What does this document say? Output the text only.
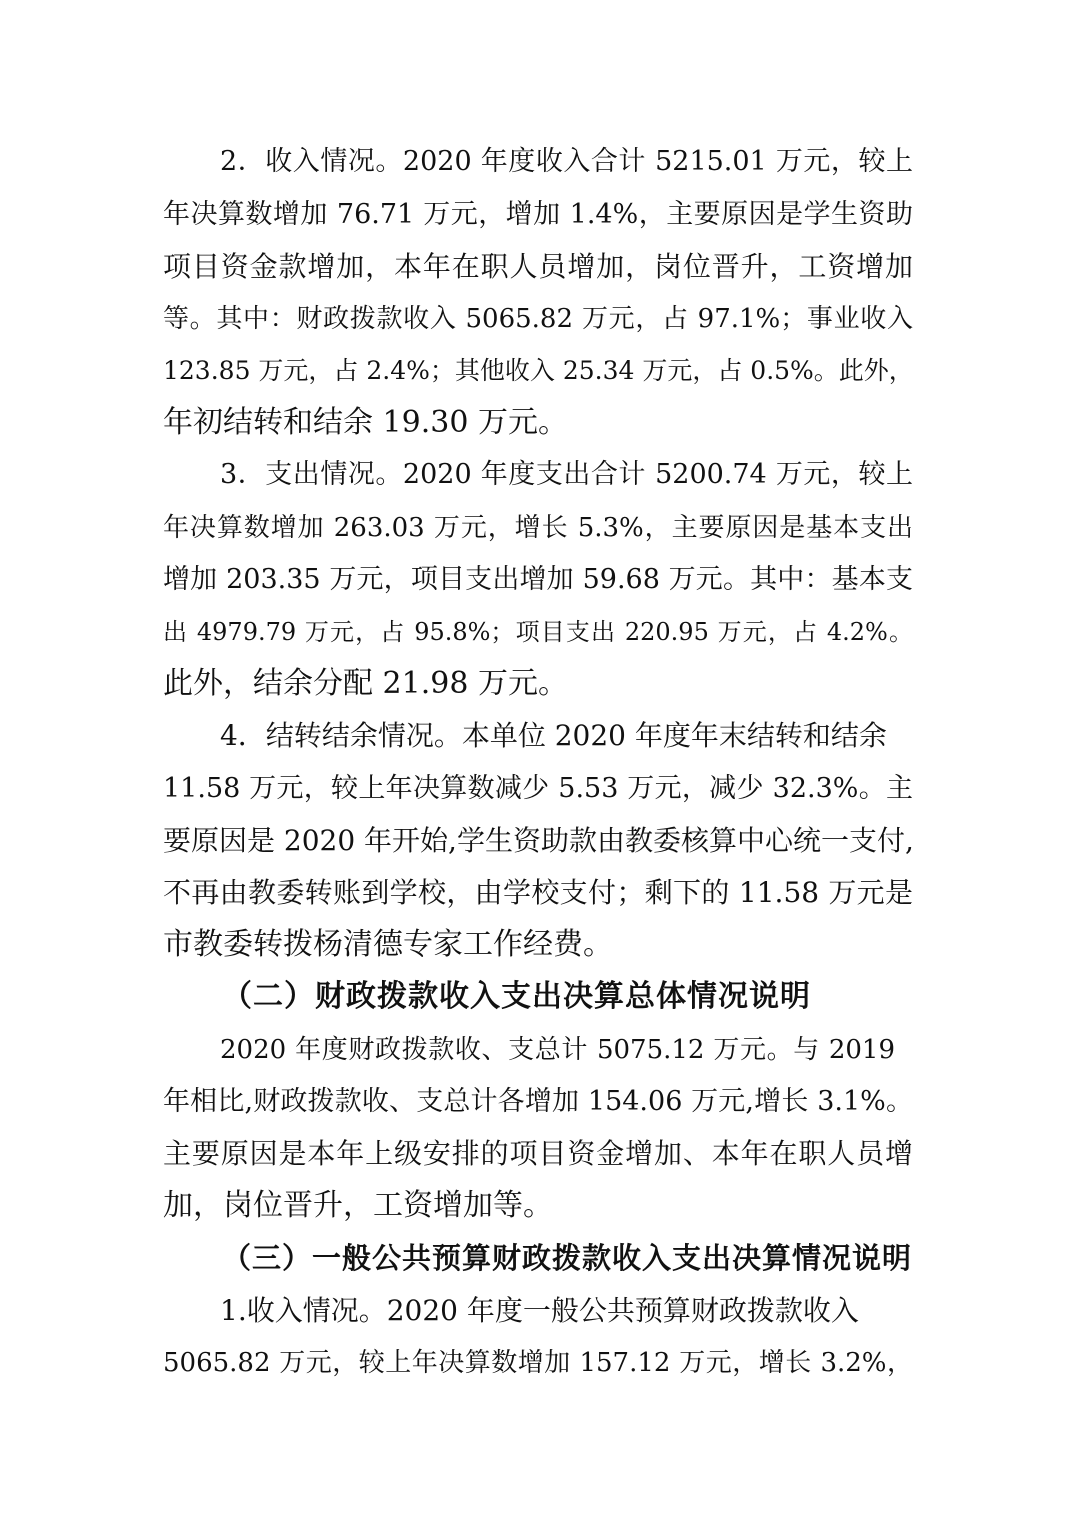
2．收入情况。2020 年度收入合计 5215.01 万元，较上
年决算数增加 76.71 万元，增加 1.4%，主要原因是学生资助
项目资金款增加，本年在职人员增加，岗位晋升，工资增加
等。其中：财政拨款收入 5065.82 万元，占 97.1%；事业收入
123.85 万元，占 2.4%；其他收入 25.34 万元，占 0.5%。此外，
年初结转和结余 19.30 万元。
3．支出情况。2020 年度支出合计 5200.74 万元，较上
年决算数增加 263.03 万元，增长 5.3%，主要原因是基本支出
增加 203.35 万元，项目支出增加 59.68 万元。其中：基本支
出 4979.79 万元，占 95.8%；项目支出 220.95 万元，占 4.2%。
此外，结余分配 21.98 万元。
4．结转结余情况。本单位 2020 年度年末结转和结余
11.58 万元，较上年决算数减少 5.53 万元，减少 32.3%。主
要原因是 2020 年开始,学生资助款由教委核算中心统一支付,
不再由教委转账到学校，由学校支付；剩下的 11.58 万元是
市教委转拨杨清德专家工作经费。
（二）财政拨款收入支出决算总体情况说明
2020 年度财政拨款收、支总计 5075.12 万元。与 2019
年相比,财政拨款收、支总计各增加 154.06 万元,增长 3.1%。
主要原因是本年上级安排的项目资金增加、本年在职人员增
加，岗位晋升，工资增加等。
（三）一般公共预算财政拨款收入支出决算情况说明
1.收入情况。2020 年度一般公共预算财政拨款收入
5065.82 万元，较上年决算数增加 157.12 万元，增长 3.2%，
